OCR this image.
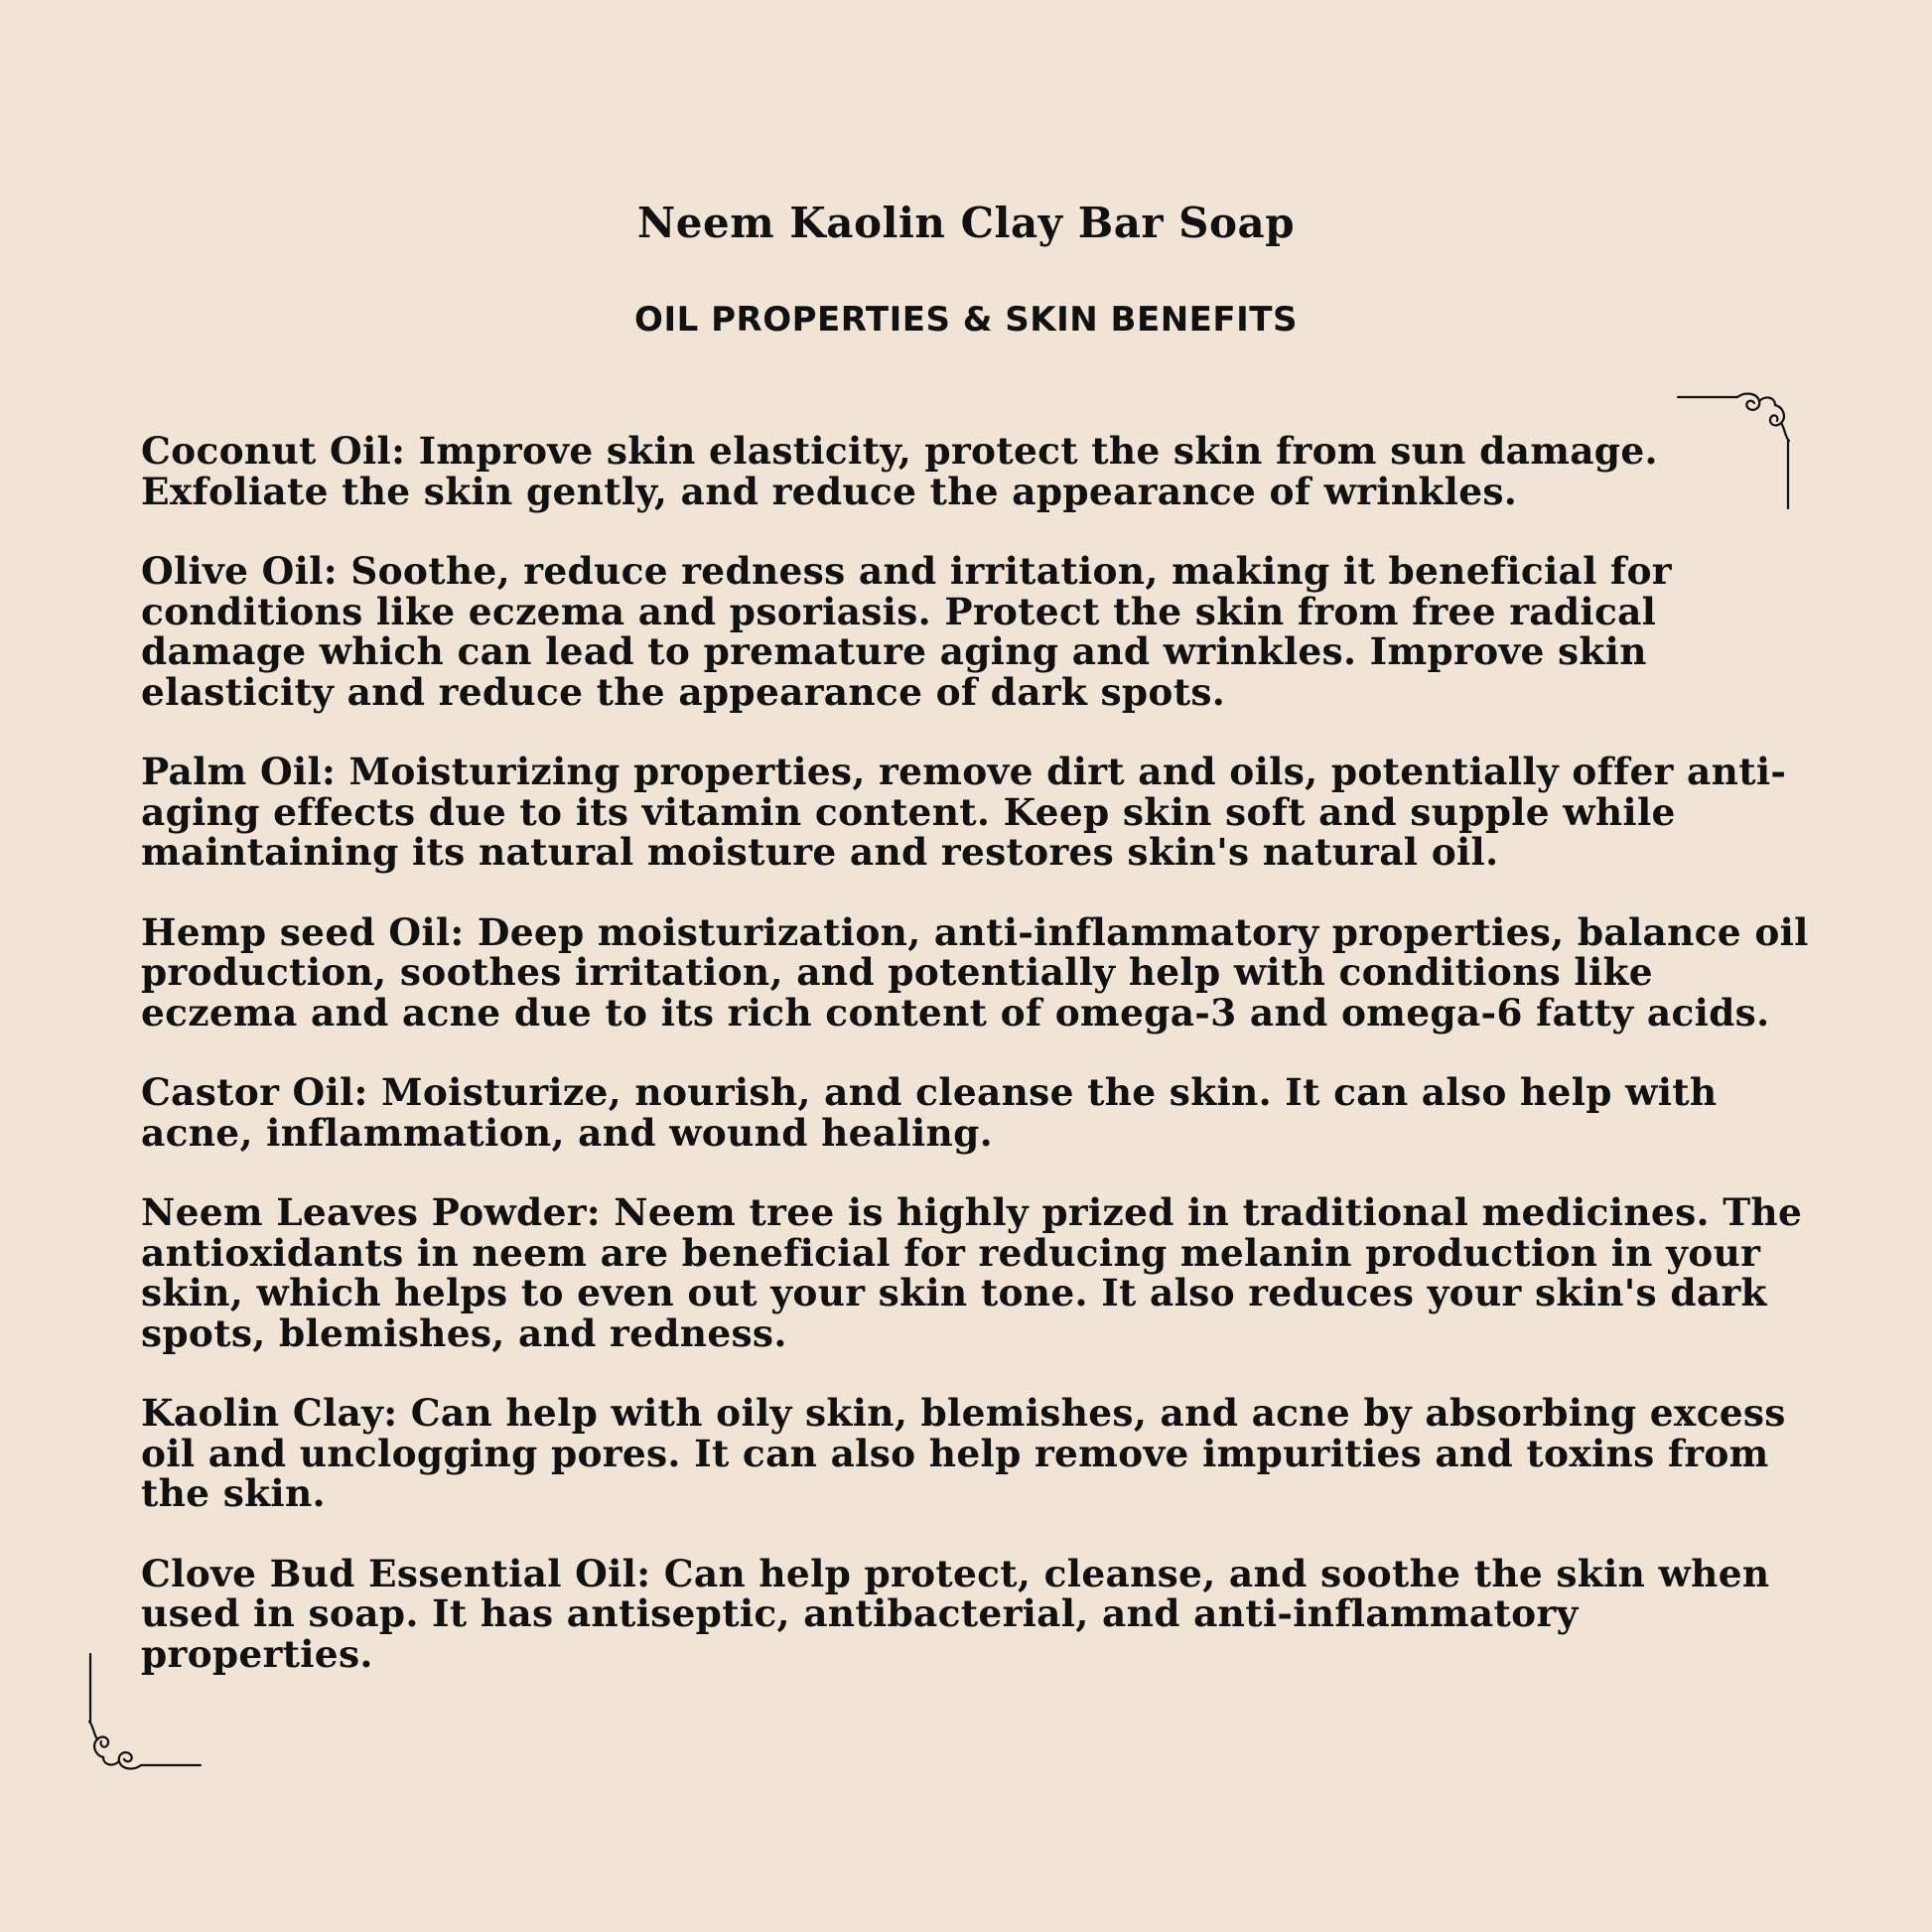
Neem Kaolin Clay Bar Soap
OIL PROPERTIES & SKIN BENEFITS

Coconut Oil: Improve skin elasticity, protect the skin from sun damage. Exfoliate the skin gently, and reduce the appearance of wrinkles.

Olive Oil: Soothe, reduce redness and irritation, making it beneficial for conditions like eczema and psoriasis. Protect the skin from free radical damage which can lead to premature aging and wrinkles. Improve skin elasticity and reduce the appearance of dark spots.

Palm Oil: Moisturizing properties, remove dirt and oils, potentially offer anti-aging effects due to its vitamin content. Keep skin soft and supple while maintaining its natural moisture and restores skin's natural oil.

Hemp seed Oil: Deep moisturization, anti-inflammatory properties, balance oil production, soothes irritation, and potentially help with conditions like eczema and acne due to its rich content of omega-3 and omega-6 fatty acids.

Castor Oil: Moisturize, nourish, and cleanse the skin. It can also help with acne, inflammation, and wound healing.

Neem Leaves Powder: Neem tree is highly prized in traditional medicines. The antioxidants in neem are beneficial for reducing melanin production in your skin, which helps to even out your skin tone. It also reduces your skin's dark spots, blemishes, and redness.

Kaolin Clay: Can help with oily skin, blemishes, and acne by absorbing excess oil and unclogging pores. It can also help remove impurities and toxins from the skin.

Clove Bud Essential Oil: Can help protect, cleanse, and soothe the skin when used in soap. It has antiseptic, antibacterial, and anti-inflammatory properties.
